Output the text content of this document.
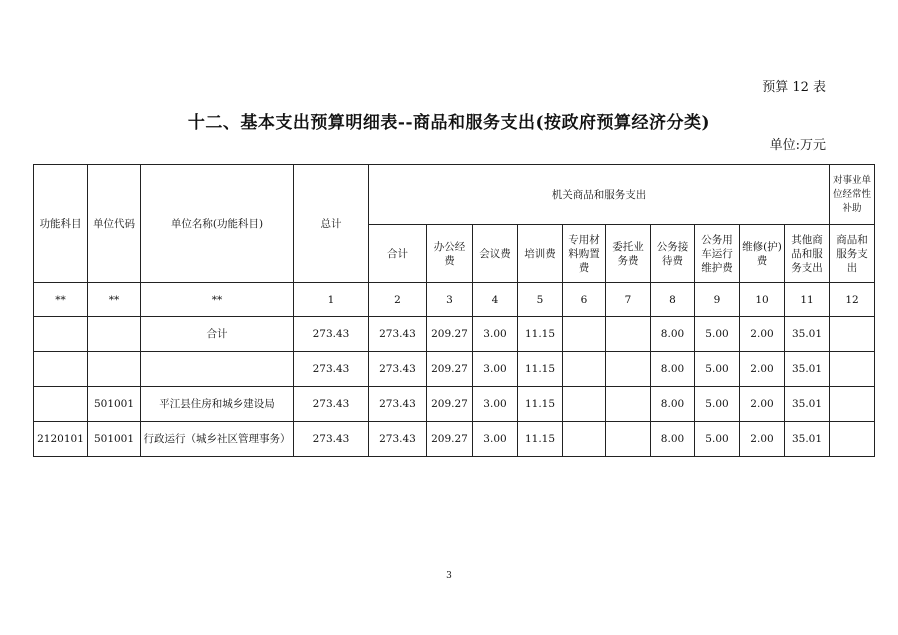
预算 12 表
十二、基本支出预算明细表--商品和服务支出(按政府预算经济分类)
单位:万元
功能科目	单位代码	单位名称(功能科目)	总计	机关商品和服务支出										对事业单位经常性补助
				合计	办公经费	会议费	培训费	专用材料购置费	委托业务费	公务接待费	公务用车运行维护费	维修(护)费	其他商品和服务支出	商品和服务支出
**	**	**	1	2	3	4	5	6	7	8	9	10	11	12
		合计	273.43	273.43	209.27	3.00	11.15			8.00	5.00	2.00	35.01	
			273.43	273.43	209.27	3.00	11.15			8.00	5.00	2.00	35.01	
	501001	平江县住房和城乡建设局	273.43	273.43	209.27	3.00	11.15			8.00	5.00	2.00	35.01	
2120101	501001	行政运行（城乡社区管理事务）	273.43	273.43	209.27	3.00	11.15			8.00	5.00	2.00	35.01	
3
